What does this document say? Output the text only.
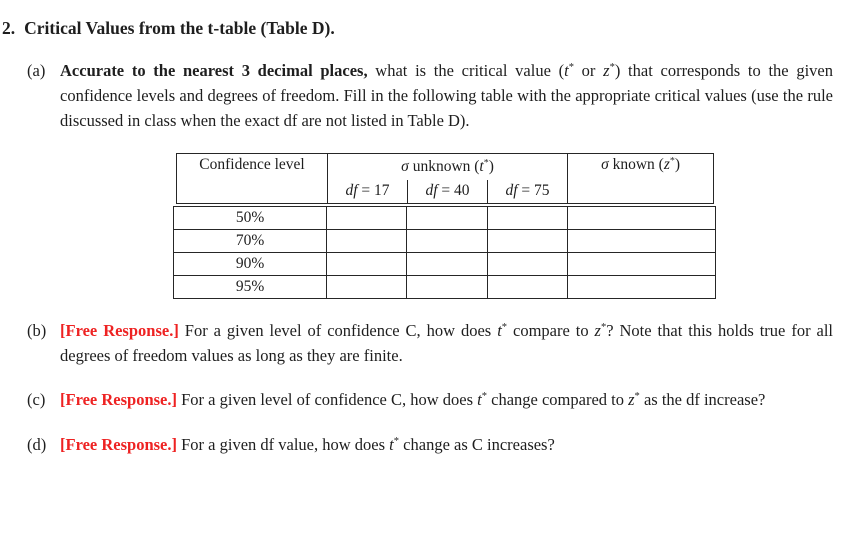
2. Critical Values from the t-table (Table D).
(a) Accurate to the nearest 3 decimal places, what is the critical value (t* or z*) that corresponds to the given confidence levels and degrees of freedom. Fill in the following table with the appropriate critical values (use the rule discussed in class when the exact df are not listed in Table D).
Confidence level	σ unknown (t*)			σ known (z*)
	df = 17	df = 40	df = 75	
50%				
70%				
90%				
95%				
(b) [Free Response.] For a given level of confidence C, how does t* compare to z*? Note that this holds true for all degrees of freedom values as long as they are finite.
(c) [Free Response.] For a given level of confidence C, how does t* change compared to z* as the df increase?
(d) [Free Response.] For a given df value, how does t* change as C increases?
